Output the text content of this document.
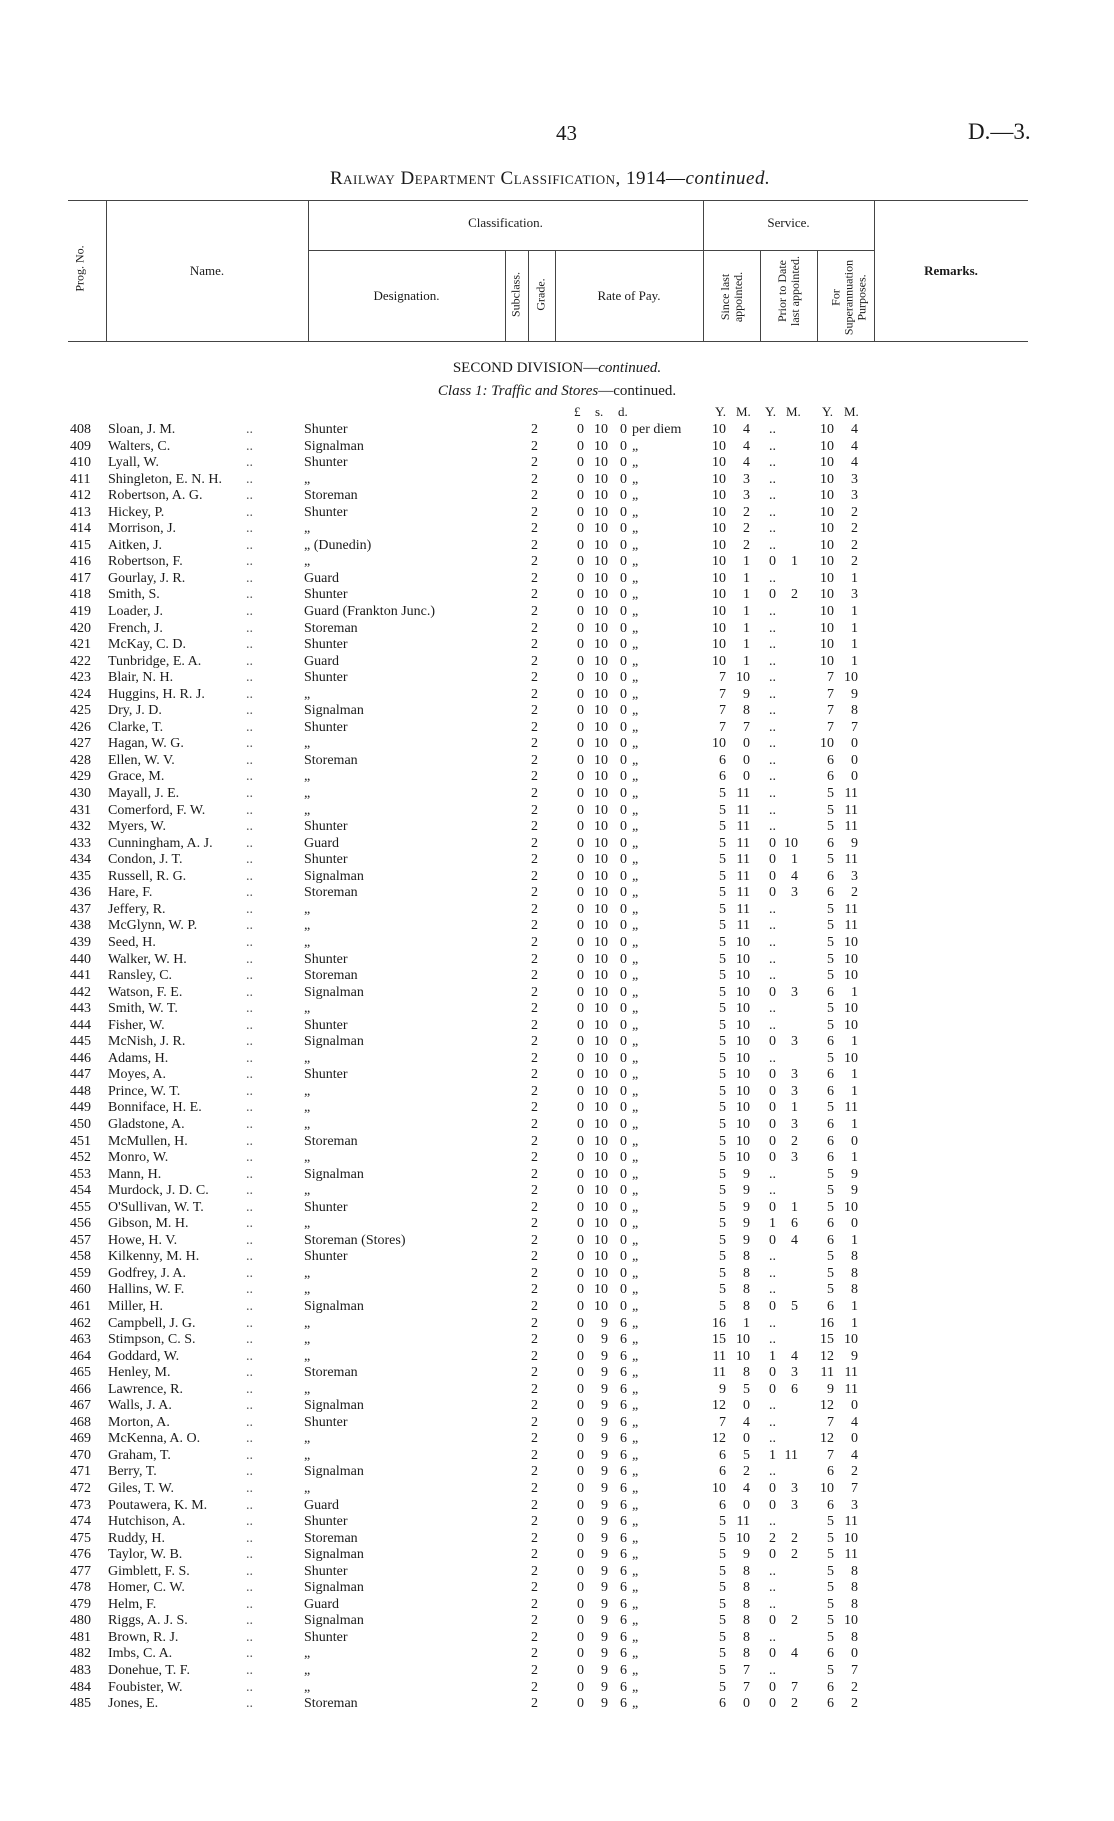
43	D.—3.
Railway Department Classification, 1914—continued.
Prog. No.	Name.
Classification.	Service.
Designation.	Subclass. Grade.	Rate of Pay.	Since last appointed.	Prior to Date last appointed. For Superannuation Purposes.
Remarks.
SECOND DIVISION—continued.
Class 1: Traffic and Stores—continued.
£ s. d.	Y. M. Y. M. Y. M.
408	Sloan, J. M.	..	Shunter	2	0 10 0 per diem	10	4	..	10	4
409	Walters, C.	..	Signalman	2	0 10 0 „	10	4	..	10	4
410	Lyall, W.	..	Shunter	2	0 10 0 „	10	4	..	10	4
411	Shingleton, E. N. H. ..	„	2	0 10 0 „	10	3	..	10	3
412	Robertson, A. G.	..	Storeman	2	0 10 0 „	10	3	..	10	3
413	Hickey, P.	..	Shunter	2	0 10 0 „	10	2	..	10	2
414	Morrison, J.	..	„	2	0 10 0 „	10	2	..	10	2
415	Aitken, J.	..	„ (Dunedin)	2	0 10 0 „	10	2	..	10	2
416	Robertson, F.	..	„	2	0 10 0 „	10	1	0	1	10	2
417	Gourlay, J. R.	..	Guard	2	0 10 0 „	10	1	..	10	1
418	Smith, S.	..	Shunter	2	0 10 0 „	10	1	0	2	10	3
419	Loader, J.	..	Guard (Frankton Junc.)	2	0 10 0 „	10	1	..	10	1
420	French, J.	..	Storeman	2	0 10 0 „	10	1	..	10	1
421	McKay, C. D.	..	Shunter	2	0 10 0 „	10	1	..	10	1
422	Tunbridge, E. A.	..	Guard	2	0 10 0 „	10	1	..	10	1
423	Blair, N. H.	..	Shunter	2	0 10 0 „	7 10	..	7 10
424	Huggins, H. R. J.	..	„	2	0 10 0 „	7	9	..	7	9
425	Dry, J. D.	..	Signalman	2	0 10 0 „	7	8	..	7	8
426	Clarke, T.	..	Shunter	2	0 10 0 „	7	7	..	7	7
427	Hagan, W. G.	..	„	2	0 10 0 „	10	0	..	10	0
428	Ellen, W. V.	..	Storeman	2	0 10 0 „	6	0	..	6	0
429	Grace, M.	..	„	2	0 10 0 „	6	0	..	6	0
430	Mayall, J. E.	..	„	2	0 10 0 „	5 11	..	5 11
431	Comerford, F. W.	..	„	2	0 10 0 „	5 11	..	5 11
432	Myers, W.	..	Shunter	2	0 10 0 „	5 11	..	5 11
433	Cunningham, A. J. ..	Guard	2	0 10 0 „	5 11	0 10	6	9
434	Condon, J. T.	..	Shunter	2	0 10 0 „	5 11	0	1	5 11
435	Russell, R. G.	..	Signalman	2	0 10 0 „	5 11	0	4	6	3
436	Hare, F.	..	Storeman	2	0 10 0 „	5 11	0	3	6	2
437	Jeffery, R.	..	„	2	0 10 0 „	5 11	..	5 11
438	McGlynn, W. P.	..	„	2	0 10 0 „	5 11	..	5 11
439	Seed, H.	..	„	2	0 10 0 „	5 10	..	5 10
440	Walker, W. H.	..	Shunter	2	0 10 0 „	5 10	..	5 10
441	Ransley, C.	..	Storeman	2	0 10 0 „	5 10	..	5 10
442	Watson, F. E.	..	Signalman	2	0 10 0 „	5 10	0	3	6	1
443	Smith, W. T.	..	„	2	0 10 0 „	5 10	..	5 10
444	Fisher, W.	..	Shunter	2	0 10 0 „	5 10	..	5 10
445	McNish, J. R.	..	Signalman	2	0 10 0 „	5 10	0	3	6	1
446	Adams, H.	..	„	2	0 10 0 „	5 10	..	5 10
447	Moyes, A.	..	Shunter	2	0 10 0 „	5 10	0	3	6	1
448	Prince, W. T.	..	„	2	0 10 0 „	5 10	0	3	6	1
449	Bonniface, H. E.	..	„	2	0 10 0 „	5 10	0	1	5 11
450	Gladstone, A.	..	„	2	0 10 0 „	5 10	0	3	6	1
451	McMullen, H.	..	Storeman	2	0 10 0 „	5 10	0	2	6	0
452	Monro, W.	..	„	2	0 10 0 „	5 10	0	3	6	1
453	Mann, H.	..	Signalman	2	0 10 0 „	5	9	..	5	9
454	Murdock, J. D. C.	..	„	2	0 10 0 „	5	9	..	5	9
455	O'Sullivan, W. T.	..	Shunter	2	0 10 0 „	5	9	0	1	5 10
456	Gibson, M. H.	..	„	2	0 10 0 „	5	9	1	6	6	0
457	Howe, H. V.	..	Storeman (Stores)	2	0 10 0 „	5	9	0	4	6	1
458	Kilkenny, M. H.	..	Shunter	2	0 10 0 „	5	8	..	5	8
459	Godfrey, J. A.	..	„	2	0 10 0 „	5	8	..	5	8
460	Hallins, W. F.	..	„	2	0 10 0 „	5	8	..	5	8
461	Miller, H.	..	Signalman	2	0 10 0 „	5	8	0	5	6	1
462	Campbell, J. G.	..	„	2	0	9 6 „	16	1	..	16	1
463	Stimpson, C. S.	..	„	2	0	9 6 „	15 10	..	15 10
464	Goddard, W.	..	„	2	0	9 6 „	11 10	1	4	12	9
465	Henley, M.	..	Storeman	2	0	9 6 „	11	8	0	3	11 11
466	Lawrence, R.	..	„	2	0	9 6 „	9	5	0	6	9 11
467	Walls, J. A.	..	Signalman	2	0	9 6 „	12	0	..	12	0
468	Morton, A.	..	Shunter	2	0	9 6 „	7	4	..	7	4
469	McKenna, A. O.	..	„	2	0	9 6 „	12	0	..	12	0
470	Graham, T.	..	„	2	0	9 6 „	6	5	1 11	7	4
471	Berry, T.	..	Signalman	2	0	9 6 „	6	2	..	6	2
472	Giles, T. W.	..	„	2	0	9 6 „	10	4	0	3	10	7
473	Poutawera, K. M.	..	Guard	2	0	9 6 „	6	0	0	3	6	3
474	Hutchison, A.	..	Shunter	2	0	9 6 „	5 11	..	5 11
475	Ruddy, H.	..	Storeman	2	0	9 6 „	5 10	2	2	5 10
476	Taylor, W. B.	..	Signalman	2	0	9 6 „	5	9	0	2	5 11
477	Gimblett, F. S.	..	Shunter	2	0	9 6 „	5	8	..	5	8
478	Homer, C. W.	..	Signalman	2	0	9 6 „	5	8	..	5	8
479	Helm, F.	..	Guard	2	0	9 6 „	5	8	..	5	8
480	Riggs, A. J. S.	..	Signalman	2	0	9 6 „	5	8	0	2	5 10
481	Brown, R. J.	..	Shunter	2	0	9 6 „	5	8	..	5	8
482	Imbs, C. A.	..	„	2	0	9 6 „	5	8	0	4	6	0
483	Donehue, T. F.	..	„	2	0	9 6 „	5	7	..	5	7
484	Foubister, W.	..	„	2	0	9 6 „	5	7	0	7	6	2
485	Jones, E.	..	Storeman	2	0	9 6 „	6	0	0	2	6	2
